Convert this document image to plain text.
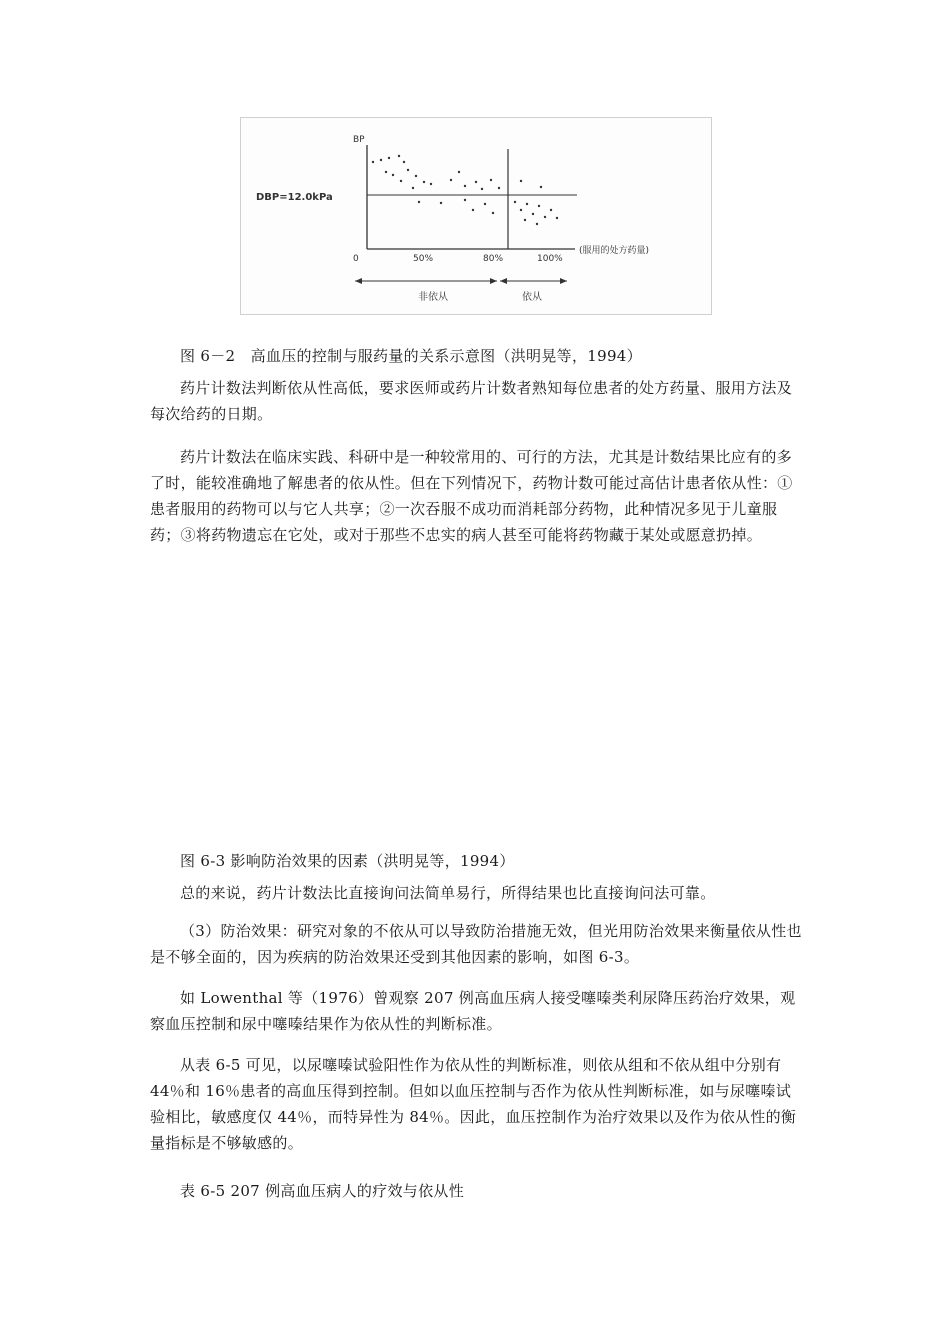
BP
DBP=12.0kPa
0	50%	80%	100%
(服用的处方药量)
非依从	依从

图 6－2　高血压的控制与服药量的关系示意图（洪明晃等，1994）

药片计数法判断依从性高低，要求医师或药片计数者熟知每位患者的处方药量、服用方法及每次给药的日期。

药片计数法在临床实践、科研中是一种较常用的、可行的方法，尤其是计数结果比应有的多了时，能较准确地了解患者的依从性。但在下列情况下，药物计数可能过高估计患者依从性：①患者服用的药物可以与它人共享；②一次吞服不成功而消耗部分药物，此种情况多见于儿童服药；③将药物遗忘在它处，或对于那些不忠实的病人甚至可能将药物藏于某处或愿意扔掉。

图 6-3 影响防治效果的因素（洪明晃等，1994）

总的来说，药片计数法比直接询问法简单易行，所得结果也比直接询问法可靠。

（3）防治效果：研究对象的不依从可以导致防治措施无效，但光用防治效果来衡量依从性也是不够全面的，因为疾病的防治效果还受到其他因素的影响，如图 6-3。

如 Lowenthal 等（1976）曾观察 207 例高血压病人接受噻嗪类利尿降压药治疗效果，观察血压控制和尿中噻嗪结果作为依从性的判断标准。

从表 6-5 可见，以尿噻嗪试验阳性作为依从性的判断标准，则依从组和不依从组中分别有 44％和 16％患者的高血压得到控制。但如以血压控制与否作为依从性判断标准，如与尿噻嗪试验相比，敏感度仅 44％，而特异性为 84％。因此，血压控制作为治疗效果以及作为依从性的衡量指标是不够敏感的。

表 6-5 207 例高血压病人的疗效与依从性
